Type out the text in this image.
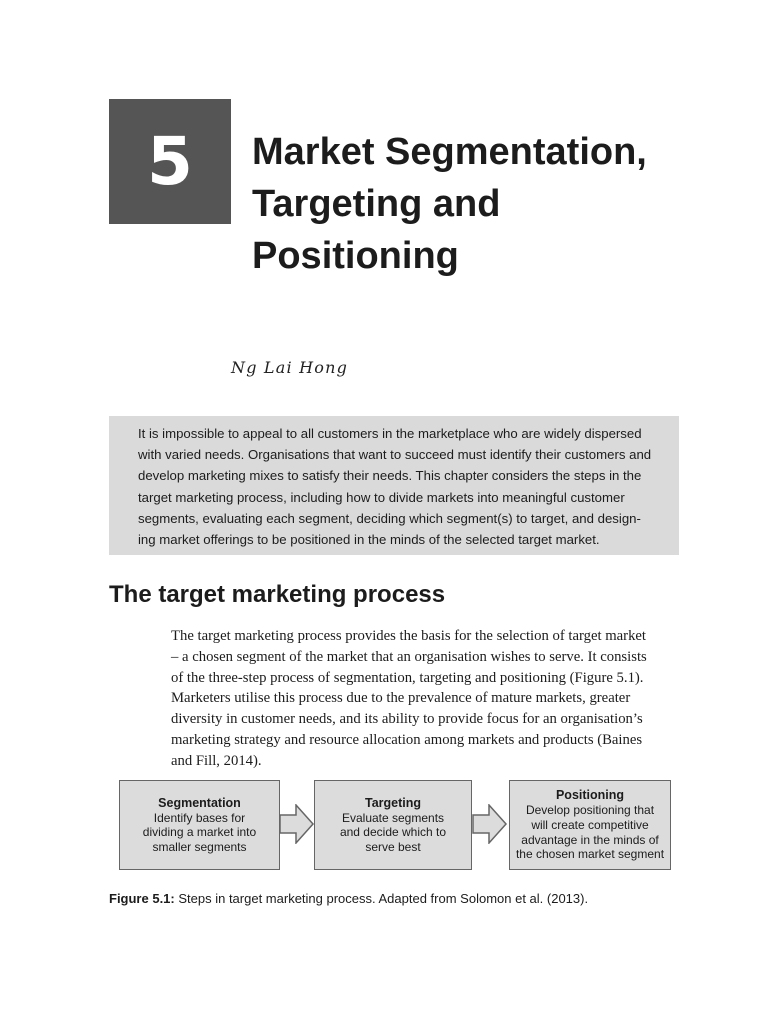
5 Market Segmentation,
Targeting and
Positioning
Ng Lai Hong
It is impossible to appeal to all customers in the marketplace who are widely dispersed
with varied needs. Organisations that want to succeed must identify their customers and
develop marketing mixes to satisfy their needs. This chapter considers the steps in the
target marketing process, including how to divide markets into meaningful customer
segments, evaluating each segment, deciding which segment(s) to target, and design-
ing market offerings to be positioned in the minds of the selected target market.
The target marketing process
The target marketing process provides the basis for the selection of target market
– a chosen segment of the market that an organisation wishes to serve. It consists
of the three-step process of segmentation, targeting and positioning (Figure 5.1).
Marketers utilise this process due to the prevalence of mature markets, greater
diversity in customer needs, and its ability to provide focus for an organisation’s
marketing strategy and resource allocation among markets and products (Baines
and Fill, 2014).
Segmentation
Identify bases for
dividing a market into
smaller segments
Targeting
Evaluate segments
and decide which to
serve best
Positioning
Develop positioning that
will create competitive
advantage in the minds of
the chosen market segment
Figure 5.1: Steps in target marketing process. Adapted from Solomon et al. (2013).
